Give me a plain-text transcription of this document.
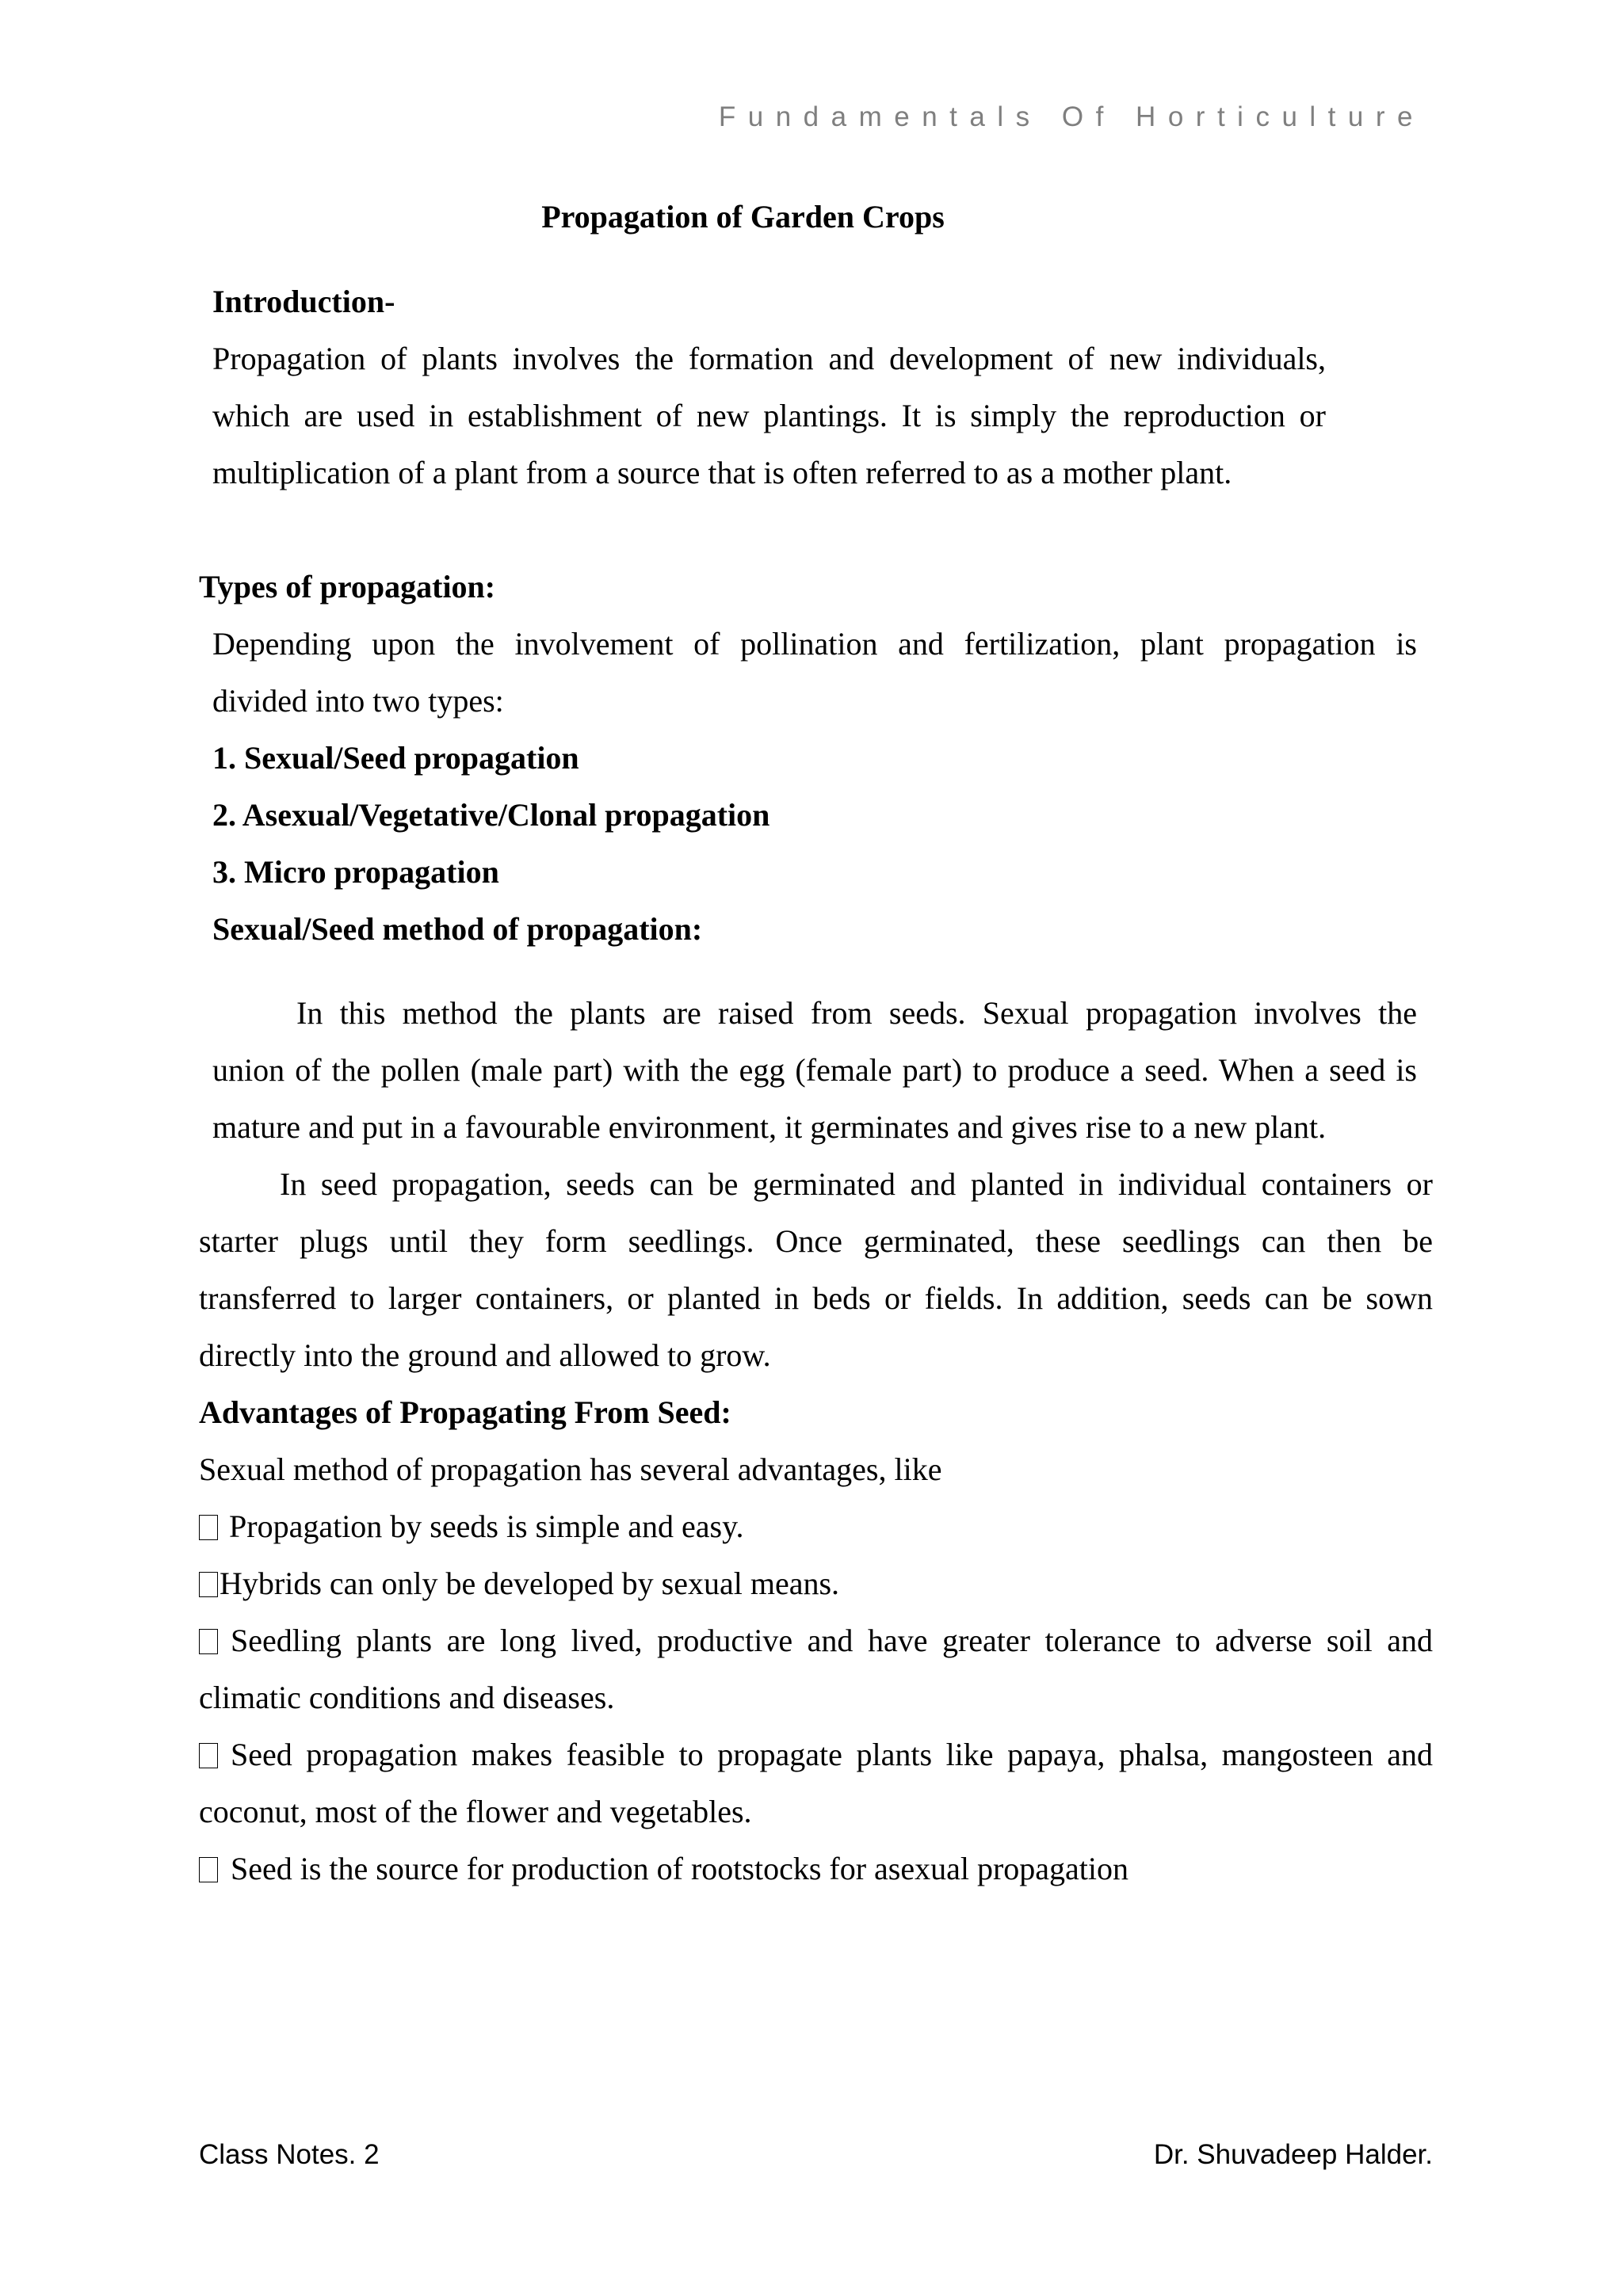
Fundamentals Of Horticulture
Propagation of Garden Crops
Introduction-
Propagation of plants involves the formation and development of new individuals,
which are used in establishment of new plantings. It is simply the reproduction or
multiplication of a plant from a source that is often referred to as a mother plant.
Types of propagation:
Depending upon the involvement of pollination and fertilization, plant propagation is
divided into two types:
1. Sexual/Seed propagation
2. Asexual/Vegetative/Clonal propagation
3. Micro propagation
Sexual/Seed method of propagation:
In this method the plants are raised from seeds. Sexual propagation involves the
union of the pollen (male part) with the egg (female part) to produce a seed. When a seed is
mature and put in a favourable environment, it germinates and gives rise to a new plant.
In seed propagation, seeds can be germinated and planted in individual containers or
starter plugs until they form seedlings. Once germinated, these seedlings can then be
transferred to larger containers, or planted in beds or fields. In addition, seeds can be sown
directly into the ground and allowed to grow.
Advantages of Propagating From Seed:
Sexual method of propagation has several advantages, like
Propagation by seeds is simple and easy.
Hybrids can only be developed by sexual means.
Seedling plants are long lived, productive and have greater tolerance to adverse soil and
climatic conditions and diseases.
Seed propagation makes feasible to propagate plants like papaya, phalsa, mangosteen and
coconut, most of the flower and vegetables.
Seed is the source for production of rootstocks for asexual propagation
Class Notes. 2	Dr. Shuvadeep Halder.
